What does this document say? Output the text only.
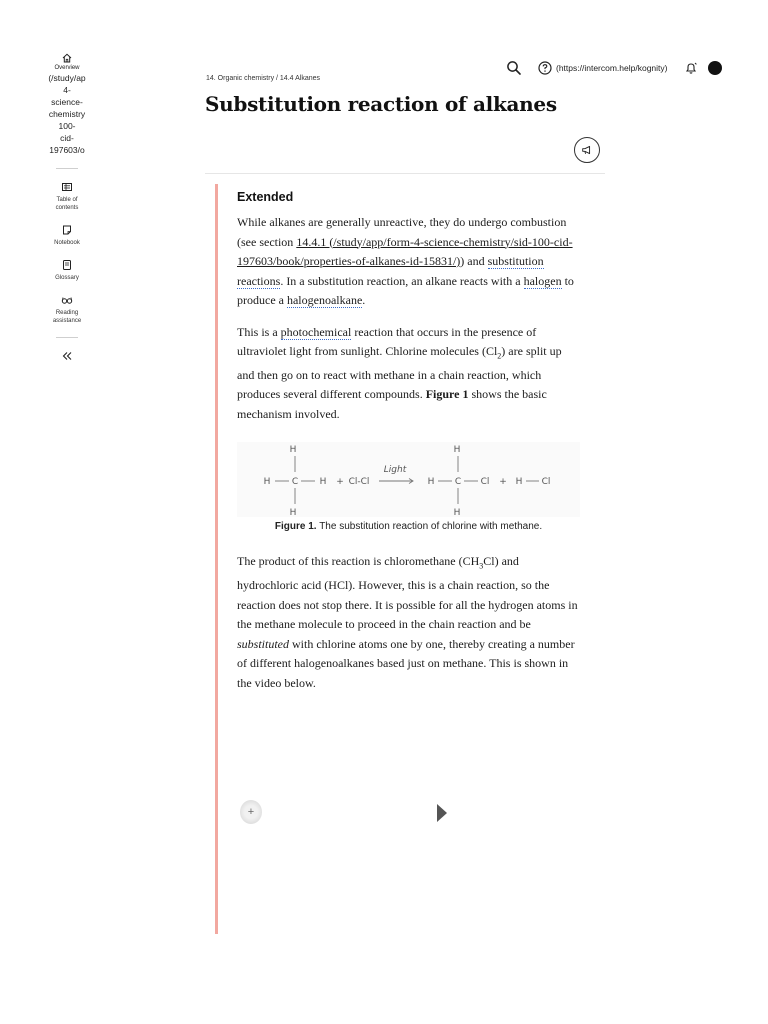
Overview
(/study/ap
4-
science-
chemistry
100-
cid-
197603/o
Table of
contents
Notebook
Glossary
Reading
assistance
(https://intercom.help/kognity)
14. Organic chemistry / 14.4 Alkanes
Substitution reaction of alkanes
Extended

While alkanes are generally unreactive, they do undergo combustion (see section 14.4.1 (/study/app/form-4-science-chemistry/sid-100-cid-197603/book/properties-of-alkanes-id-15831/)) and substitution reactions. In a substitution reaction, an alkane reacts with a halogen to produce a halogenoalkane.

This is a photochemical reaction that occurs in the presence of ultraviolet light from sunlight. Chlorine molecules $(Cl_2)$ are split up and then go on to react with methane in a chain reaction, which produces several different compounds. Figure 1 shows the basic mechanism involved.

H
H C H
H
+ Cl-Cl
Light
H
H C Cl
H
+ H Cl
Figure 1. The substitution reaction of chlorine with methane.

The product of this reaction is chloromethane $(CH_3Cl)$ and hydrochloric acid (HCl). However, this is a chain reaction, so the reaction does not stop there. It is possible for all the hydrogen atoms in the methane molecule to proceed in the chain reaction and be substituted with chlorine atoms one by one, thereby creating a number of different halogenoalkanes based just on methane. This is shown in the video below.

+
